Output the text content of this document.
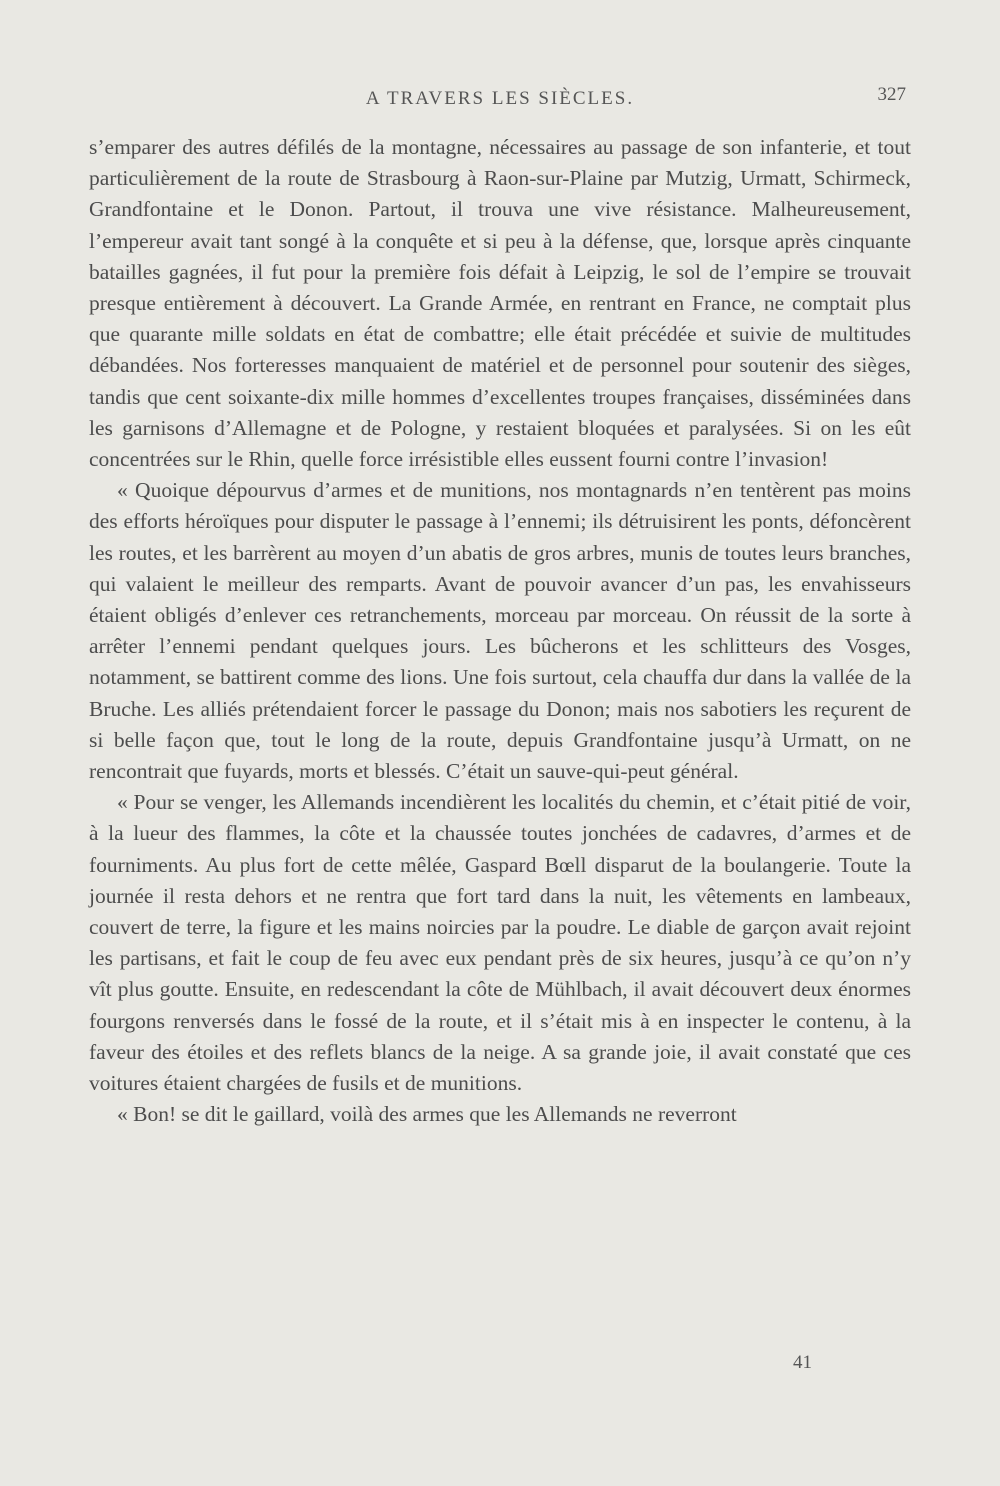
A TRAVERS LES SIÈCLES.	327

s’emparer des autres défilés de la montagne, nécessaires au passage de son infanterie, et tout particulièrement de la route de Strasbourg à Raon-sur-Plaine par Mutzig, Urmatt, Schirmeck, Grandfontaine et le Donon. Partout, il trouva une vive résistance. Malheureusement, l’empereur avait tant songé à la conquête et si peu à la défense, que, lorsque après cinquante batailles gagnées, il fut pour la première fois défait à Leipzig, le sol de l’empire se trouvait presque entièrement à découvert. La Grande Armée, en rentrant en France, ne comptait plus que quarante mille soldats en état de combattre; elle était précédée et suivie de multitudes débandées. Nos forteresses manquaient de matériel et de personnel pour soutenir des sièges, tandis que cent soixante-dix mille hommes d’excellentes troupes françaises, disséminées dans les garnisons d’Allemagne et de Pologne, y restaient bloquées et paralysées. Si on les eût concentrées sur le Rhin, quelle force irrésistible elles eussent fourni contre l’invasion!

« Quoique dépourvus d’armes et de munitions, nos montagnards n’en tentèrent pas moins des efforts héroïques pour disputer le passage à l’ennemi; ils détruisirent les ponts, défoncèrent les routes, et les barrèrent au moyen d’un abatis de gros arbres, munis de toutes leurs branches, qui valaient le meilleur des remparts. Avant de pouvoir avancer d’un pas, les envahisseurs étaient obligés d’enlever ces retranchements, morceau par morceau. On réussit de la sorte à arrêter l’ennemi pendant quelques jours. Les bûcherons et les schlitteurs des Vosges, notamment, se battirent comme des lions. Une fois surtout, cela chauffa dur dans la vallée de la Bruche. Les alliés prétendaient forcer le passage du Donon; mais nos sabotiers les reçurent de si belle façon que, tout le long de la route, depuis Grandfontaine jusqu’à Urmatt, on ne rencontrait que fuyards, morts et blessés. C’était un sauve-qui-peut général.

« Pour se venger, les Allemands incendièrent les localités du chemin, et c’était pitié de voir, à la lueur des flammes, la côte et la chaussée toutes jonchées de cadavres, d’armes et de fourniments. Au plus fort de cette mêlée, Gaspard Bœll disparut de la boulangerie. Toute la journée il resta dehors et ne rentra que fort tard dans la nuit, les vêtements en lambeaux, couvert de terre, la figure et les mains noircies par la poudre. Le diable de garçon avait rejoint les partisans, et fait le coup de feu avec eux pendant près de six heures, jusqu’à ce qu’on n’y vît plus goutte. Ensuite, en redescendant la côte de Mühlbach, il avait découvert deux énormes fourgons renversés dans le fossé de la route, et il s’était mis à en inspecter le contenu, à la faveur des étoiles et des reflets blancs de la neige. A sa grande joie, il avait constaté que ces voitures étaient chargées de fusils et de munitions.

« Bon! se dit le gaillard, voilà des armes que les Allemands ne reverront

41
